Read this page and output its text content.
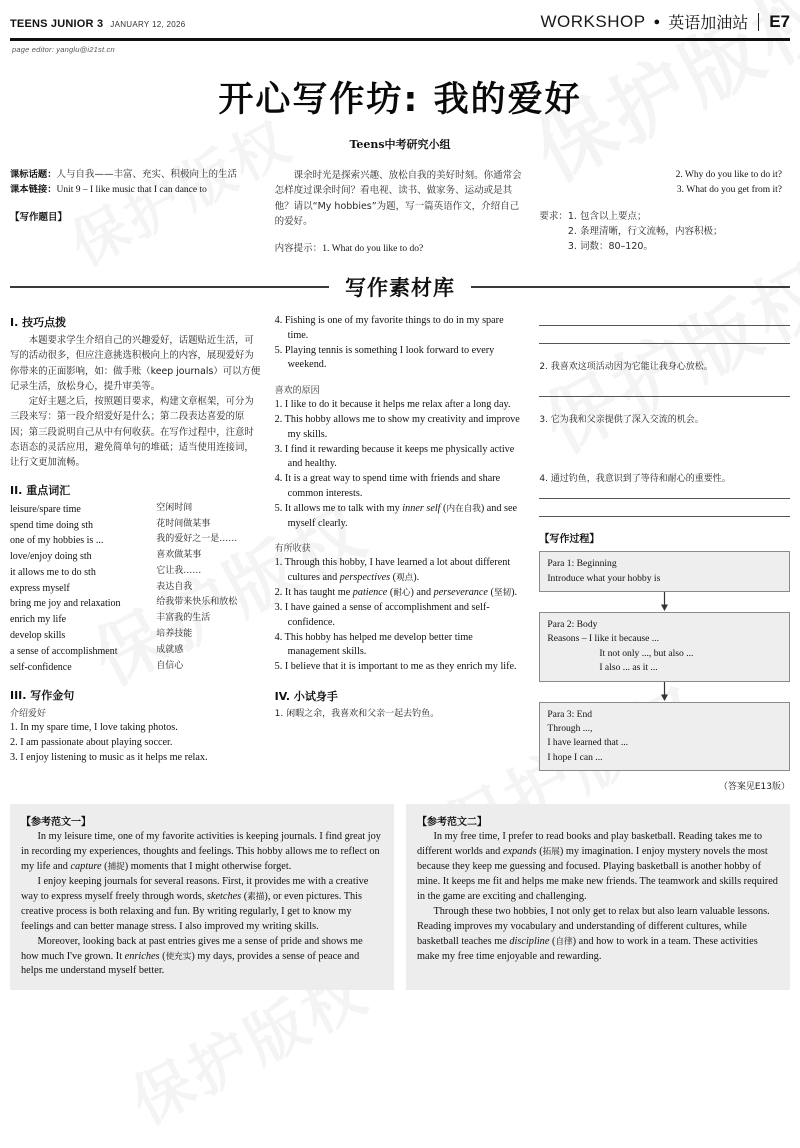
TEENS JUNIOR 3 JANUARY 12, 2026	WORKSHOP ● 英语加油站 E7
page editor: yanglu@i21st.cn
开心写作坊: 我的爱好
Teens中考研究小组
课标话题：人与自我——丰富、充实、积极向上的生活
课本链接：Unit 9 – I like music that I can dance to
【写作题目】
课余时光是探索兴趣、放松自我的美好时刻。你通常会怎样度过课余时间？看电视、读书、做家务、运动或是其他？请以“My hobbies”为题，写一篇英语作文，介绍自己的爱好。
内容提示：1. What do you like to do?
2. Why do you like to do it?
3. What do you get from it?
要求： 1. 包含以上要点；
2. 条理清晰，行文流畅，内容积极；
3. 词数：80–120。
写作素材库
I. 技巧点拨
本题要求学生介绍自己的兴趣爱好，话题贴近生活，可写的活动很多，但应注意挑选积极向上的内容，展现爱好为你带来的正面影响，如：做手账（keep journals）可以方便记录生活，放松身心，提升审美等。
定好主题之后，按照题目要求，构建文章框架，可分为三段来写：第一段介绍爱好是什么；第二段表达喜爱的原因；第三段说明自己从中有何收获。在写作过程中，注意时态语态的灵活应用，避免简单句的堆砥；适当使用连接词，让行文更加流畅。
II. 重点词汇
leisure/spare time	空闲时间
spend time doing sth	花时间做某事
one of my hobbies is ...	我的爱好之一是……
love/enjoy doing sth	喜欢做某事
it allows me to do sth	它让我……
express myself	表达自我
bring me joy and relaxation	给我带来快乐和放松
enrich my life	丰富我的生活
develop skills	培养技能
a sense of accomplishment	成就感
self-confidence	自信心
III. 写作金句
介绍爱好
1. In my spare time, I love taking photos.
2. I am passionate about playing soccer.
3. I enjoy listening to music as it helps me relax.
4. Fishing is one of my favorite things to do in my spare time.
5. Playing tennis is something I look forward to every weekend.
喜欢的原因
1. I like to do it because it helps me relax after a long day.
2. This hobby allows me to show my creativity and improve my skills.
3. I find it rewarding because it keeps me physically active and healthy.
4. It is a great way to spend time with friends and share common interests.
5. It allows me to talk with my inner self (内在自我) and see myself clearly.
有所收获
1. Through this hobby, I have learned a lot about different cultures and perspectives (观点).
2. It has taught me patience (耐心) and perseverance (坚韧).
3. I have gained a sense of accomplishment and self-confidence.
4. This hobby has helped me develop better time management skills.
5. I believe that it is important to me as they enrich my life.
IV. 小试身手
1. 闲暇之余，我喜欢和父亲一起去钓鱼。
2. 我喜欢这项活动因为它能让我身心放松。
3. 它为我和父亲提供了深入交流的机会。
4. 通过钓鱼，我意识到了等待和耐心的重要性。
【写作过程】
Para 1: Beginning
Introduce what your hobby is
Para 2: Body
Reasons – I like it because ...
It not only ..., but also ...
I also ... as it ...
Para 3: End
Through ...,
I have learned that ...
I hope I can ...
（答案见E13版）
【参考范文一】
In my leisure time, one of my favorite activities is keeping journals. I find great joy in recording my experiences, thoughts and feelings. This hobby allows me to reflect on my life and capture (捕捉) moments that I might otherwise forget.
I enjoy keeping journals for several reasons. First, it provides me with a creative way to express myself freely through words, sketches (素描), or even pictures. This creative process is both relaxing and fun. By writing regularly, I get to know my feelings and can better manage stress. I also improved my writing skills.
Moreover, looking back at past entries gives me a sense of pride and shows me how much I've grown. It enriches (使充实) my days, provides a sense of peace and helps me understand myself better.
【参考范文二】
In my free time, I prefer to read books and play basketball. Reading takes me to different worlds and expands (拓展) my imagination. I enjoy mystery novels the most because they keep me guessing and focused. Playing basketball is another hobby of mine. It keeps me fit and helps me make new friends. The teamwork and skills required in the game are exciting and challenging.
Through these two hobbies, I not only get to relax but also learn valuable lessons. Reading improves my vocabulary and understanding of different cultures, while basketball teaches me discipline (自律) and how to work in a team. These activities make my free time enjoyable and rewarding.
